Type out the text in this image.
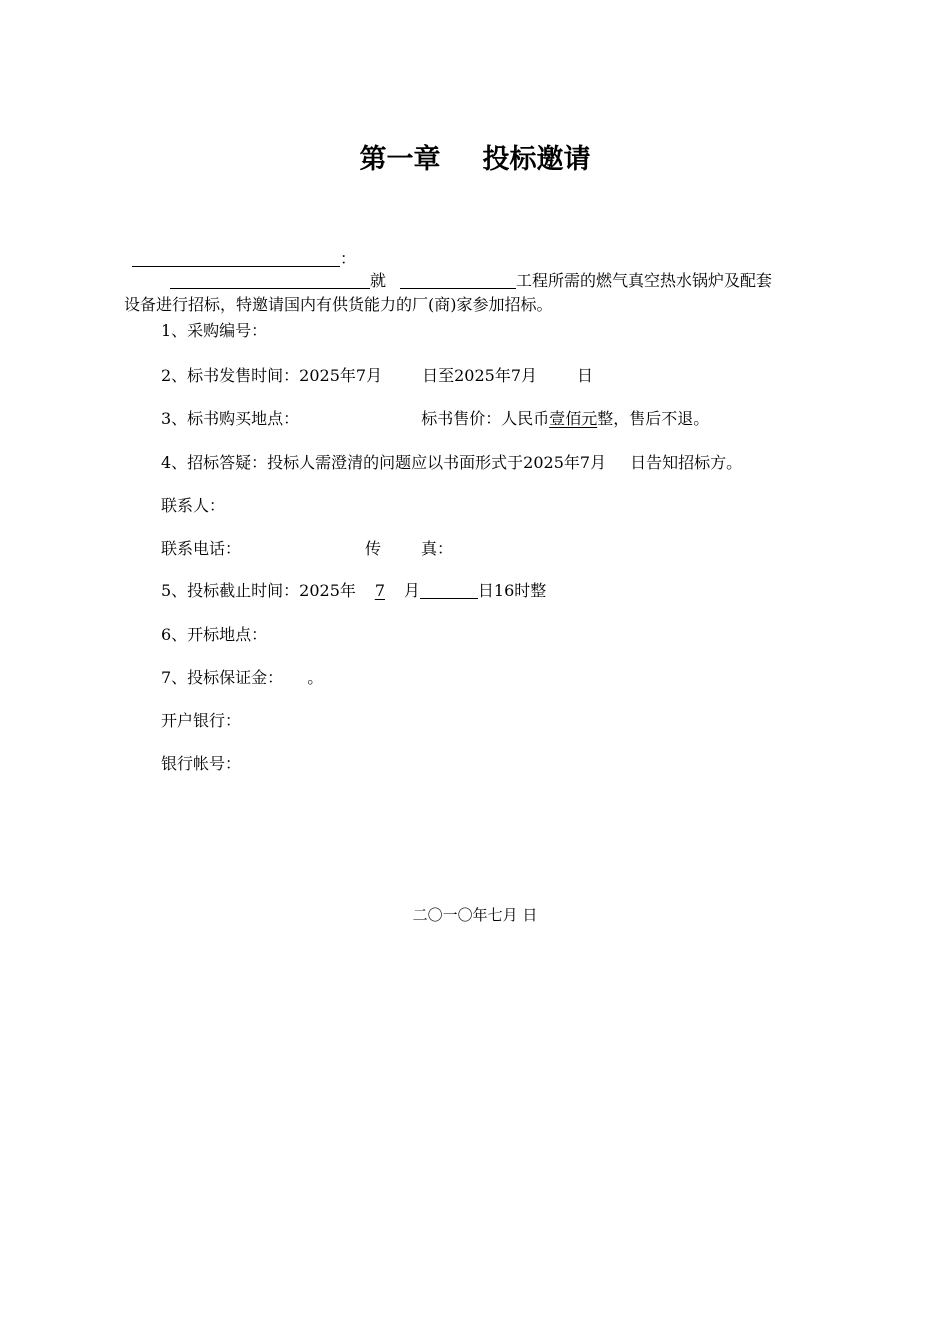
第一章 投标邀请
：
就	工程所需的燃气真空热水锅炉及配套
设备进行招标，特邀请国内有供货能力的厂(商)家参加招标。
1、采购编号：
2、标书发售时间：2025年7月	日至2025年7月	日
3、标书购买地点：	标书售价：人民币壹佰元整，售后不退。
4、招标答疑：投标人需澄清的问题应以书面形式于2025年7月 日告知招标方。
联系人：
联系电话：	传	真：
5、投标截止时间：2025年 7 月	日16时整
6、开标地点：
7、投标保证金： 。
开户银行：
银行帐号：
二〇一〇年七月 日
